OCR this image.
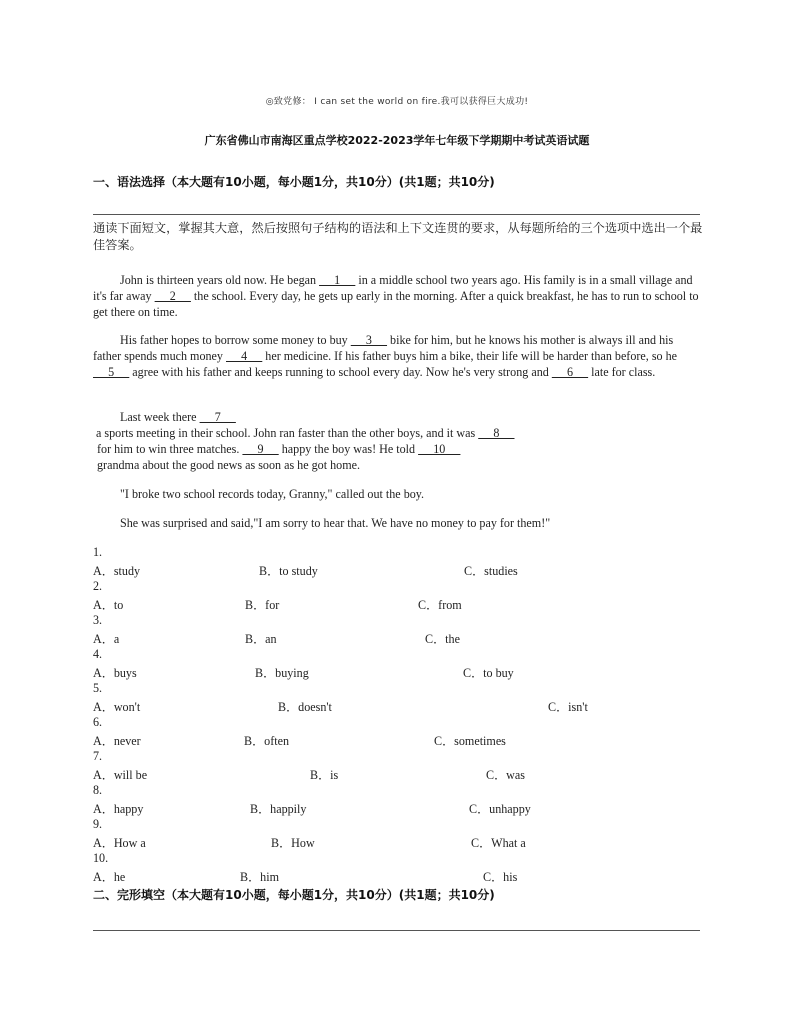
◎致党修： I can set the world on fire.我可以获得巨大成功!
广东省佛山市南海区重点学校2022-2023学年七年级下学期期中考试英语试题
一、语法选择（本大题有10小题，每小题1分，共10分）(共1题；共10分)
通读下面短文，掌握其大意，然后按照句子结构的语法和上下文连贯的要求，从每题所给的三个选项中选出一个最佳答案。
John is thirteen years old now. He began      1      in a middle school two years ago. His family is in a small village and it's far away      2      the school. Every day, he gets up early in the morning. After a quick breakfast, he has to run to school to get there on time.
His father hopes to borrow some money to buy      3      bike for him, but he knows his mother is always ill and his father spends much money      4      her medicine. If his father buys him a bike, their life will be harder than before, so he      5      agree with his father and keeps running to school every day. Now he's very strong and      6      late for class.
Last week there      7
a sports meeting in their school. John ran faster than the other boys, and it was      8
for him to win three matches.      9      happy the boy was! He told      10
grandma about the good news as soon as he got home.
"I broke two school records today, Granny," called out the boy.
She was surprised and said,"I am sorry to hear that. We have no money to pay for them!"
1.
A．study	B．to study	C．studies
2.
A．to	B．for	C．from
3.
A．a	B．an	C．the
4.
A．buys	B．buying	C．to buy
5.
A．won't	B．doesn't	C．isn't
6.
A．never	B．often	C．sometimes
7.
A．will be	B．is	C．was
8.
A．happy	B．happily	C．unhappy
9.
A．How a	B．How	C．What a
10.
A．he	B．him	C．his
二、完形填空（本大题有10小题，每小题1分，共10分）(共1题；共10分)
